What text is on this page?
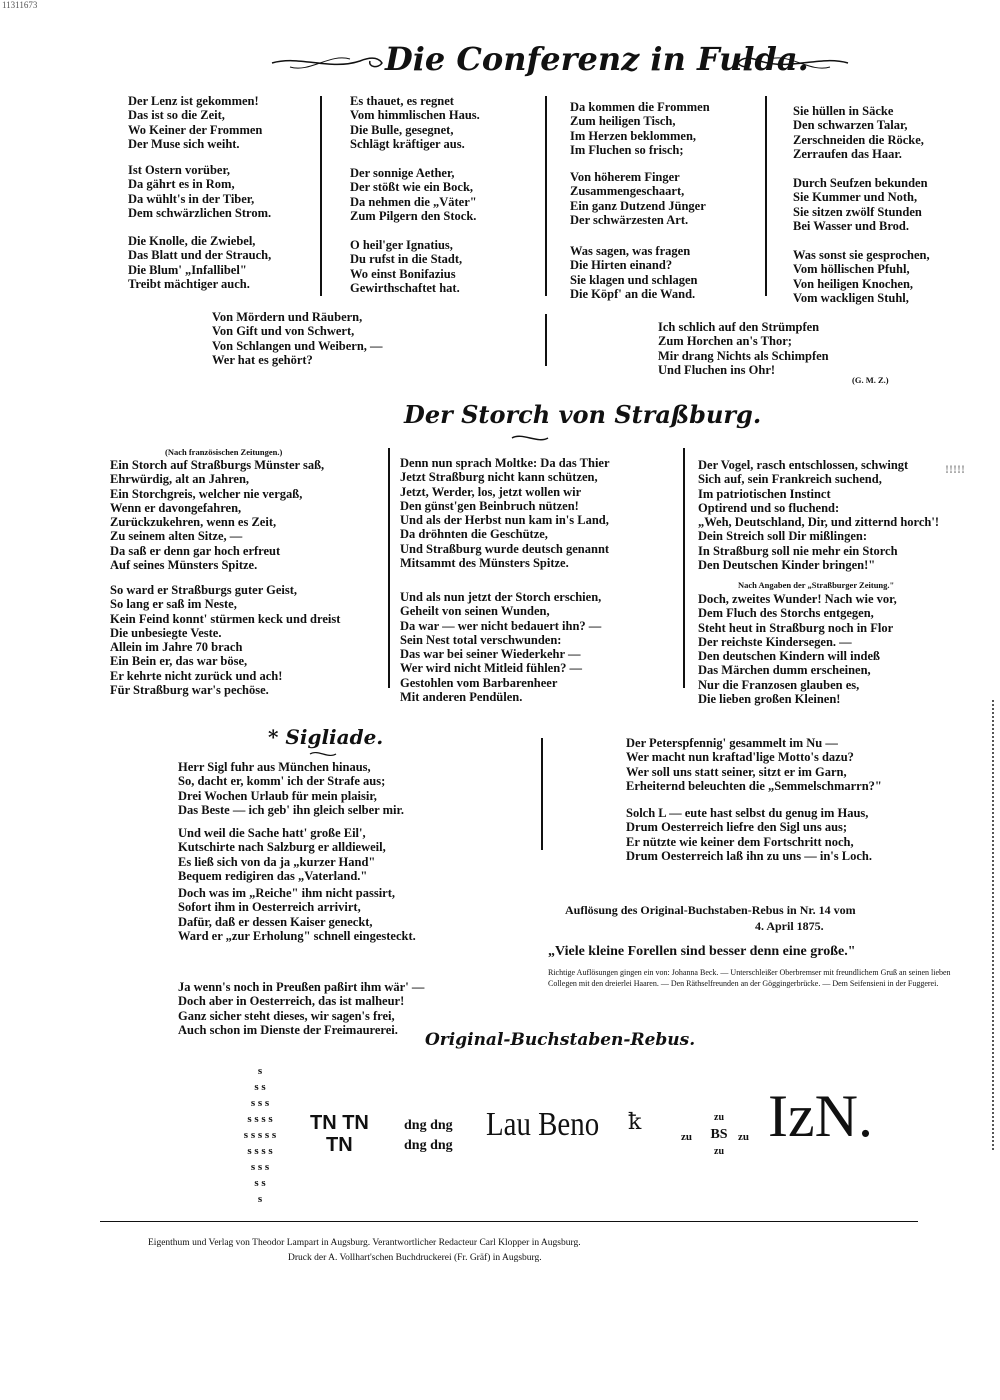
11311673
Die Conferenz in Fulda.
Der Lenz ist gekommen!
Das ist so die Zeit,
Wo Keiner der Frommen
Der Muse sich weiht.
Ist Ostern vorüber,
Da gährt es in Rom,
Da wühlt's in der Tiber,
Dem schwärzlichen Strom.
Die Knolle, die Zwiebel,
Das Blatt und der Strauch,
Die Blum' „Infallibel"
Treibt mächtiger auch.
Es thauet, es regnet
Vom himmlischen Haus.
Die Bulle, gesegnet,
Schlägt kräftiger aus.
Der sonnige Aether,
Der stößt wie ein Bock,
Da nehmen die „Väter"
Zum Pilgern den Stock.
O heil'ger Ignatius,
Du rufst in die Stadt,
Wo einst Bonifazius
Gewirthschaftet hat.
Da kommen die Frommen
Zum heiligen Tisch,
Im Herzen beklommen,
Im Fluchen so frisch;
Von höherem Finger
Zusammengeschaart,
Ein ganz Dutzend Jünger
Der schwärzesten Art.
Was sagen, was fragen
Die Hirten einand?
Sie klagen und schlagen
Die Köpf' an die Wand.
Sie hüllen in Säcke
Den schwarzen Talar,
Zerschneiden die Röcke,
Zerraufen das Haar.
Durch Seufzen bekunden
Sie Kummer und Noth,
Sie sitzen zwölf Stunden
Bei Wasser und Brod.
Was sonst sie gesprochen,
Vom höllischen Pfuhl,
Von heiligen Knochen,
Vom wackligen Stuhl,
Von Mördern und Räubern,
Von Gift und von Schwert,
Von Schlangen und Weibern, —
Wer hat es gehört?
Ich schlich auf den Strümpfen
Zum Horchen an's Thor;
Mir drang Nichts als Schimpfen
Und Fluchen ins Ohr!
(G. M. Z.)
Der Storch von Straßburg.
(Nach französischen Zeitungen.)
Ein Storch auf Straßburgs Münster saß,
Ehrwürdig, alt an Jahren,
Ein Storchgreis, welcher nie vergaß,
Wenn er davongefahren,
Zurückzukehren, wenn es Zeit,
Zu seinem alten Sitze, —
Da saß er denn gar hoch erfreut
Auf seines Münsters Spitze.
So ward er Straßburgs guter Geist,
So lang er saß im Neste,
Kein Feind konnt' stürmen keck und dreist
Die unbesiegte Veste.
Allein im Jahre 70 brach
Ein Bein er, das war böse,
Er kehrte nicht zurück und ach!
Für Straßburg war's pechöse.
Denn nun sprach Moltke: Da das Thier
Jetzt Straßburg nicht kann schützen,
Jetzt, Werder, los, jetzt wollen wir
Den günst'gen Beinbruch nützen!
Und als der Herbst nun kam in's Land,
Da dröhnten die Geschütze,
Und Straßburg wurde deutsch genannt
Mitsammt des Münsters Spitze.
Und als nun jetzt der Storch erschien,
Geheilt von seinen Wunden,
Da war — wer nicht bedauert ihn? —
Sein Nest total verschwunden:
Das war bei seiner Wiederkehr —
Wer wird nicht Mitleid fühlen? —
Gestohlen vom Barbarenheer
Mit anderen Pendülen.
Der Vogel, rasch entschlossen, schwingt
Sich auf, sein Frankreich suchend,
Im patriotischen Instinct
Optirend und so fluchend:
„Weh, Deutschland, Dir, und zitternd horch'!
Dein Streich soll Dir mißlingen:
In Straßburg soll nie mehr ein Storch
Den Deutschen Kinder bringen!"
Nach Angaben der „Straßburger Zeitung."
Doch, zweites Wunder! Nach wie vor,
Dem Fluch des Storchs entgegen,
Steht heut in Straßburg noch in Flor
Der reichste Kindersegen. —
Den deutschen Kindern will indeß
Das Märchen dumm erscheinen,
Nur die Franzosen glauben es,
Die lieben großen Kleinen!
!!!!!
* Sigliade.
Herr Sigl fuhr aus München hinaus,
So, dacht er, komm' ich der Strafe aus;
Drei Wochen Urlaub für mein plaisir,
Das Beste — ich geb' ihn gleich selber mir.
Und weil die Sache hatt' große Eil',
Kutschirte nach Salzburg er alldieweil,
Es ließ sich von da ja „kurzer Hand"
Bequem redigiren das „Vaterland."
Doch was im „Reiche" ihm nicht passirt,
Sofort ihm in Oesterreich arrivirt,
Dafür, daß er dessen Kaiser geneckt,
Ward er „zur Erholung" schnell eingesteckt.
Ja wenn's noch in Preußen paßirt ihm wär' —
Doch aber in Oesterreich, das ist malheur!
Ganz sicher steht dieses, wir sagen's frei,
Auch schon im Dienste der Freimaurerei.
Der Peterspfennig' gesammelt im Nu —
Wer macht nun kraftad'lige Motto's dazu?
Wer soll uns statt seiner, sitzt er im Garn,
Erheiternd beleuchten die „Semmelschmarrn?"
Solch L — eute hast selbst du genug im Haus,
Drum Oesterreich liefre den Sigl uns aus;
Er nützte wie keiner dem Fortschritt noch,
Drum Oesterreich laß ihn zu uns — in's Loch.
Auflösung des Original-Buchstaben-Rebus in Nr. 14 vom
4. April 1875.
„Viele kleine Forellen sind besser denn eine große."
Richtige Auflösungen gingen ein von: Johanna Beck. — Unterschleißer Oberbremser mit freundlichem Gruß an seinen lieben Collegen mit den dreierlei Haaren. — Den Räthselfreunden an der Göggingerbrücke. — Dem Seifensieni in der Fuggerei.
Original-Buchstaben-Rebus.
s
s s
s s s
s s s s
s s s s s
s s s s
s s s
s s
s
TN TN
TN
dng dng
dng dng
Lau Beno ꝁ
zu
zu
BS
zu
zu IzN.
Eigenthum und Verlag von Theodor Lampart in Augsburg. Verantwortlicher Redacteur Carl Klopper in Augsburg.
Druck der A. Vollhart'schen Buchdruckerei (Fr. Gräf) in Augsburg.
